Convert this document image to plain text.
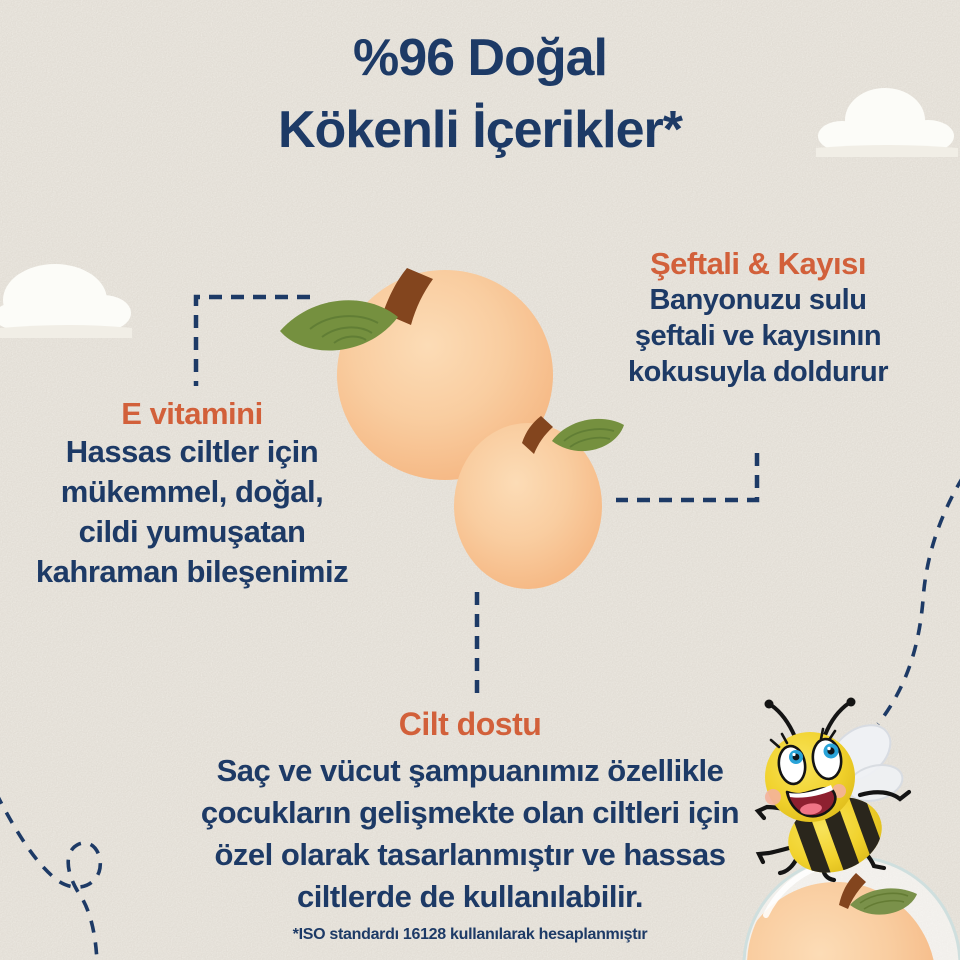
%96 Doğal
Kökenli İçerikler*
Şeftali & Kayısı
Banyonuzu sulu
şeftali ve kayısının
kokusuyla doldurur
E vitamini
Hassas ciltler için
mükemmel, doğal,
cildi yumuşatan
kahraman bileşenimiz
Cilt dostu
Saç ve vücut şampuanımız özellikle
çocukların gelişmekte olan ciltleri için
özel olarak tasarlanmıştır ve hassas
ciltlerde de kullanılabilir.
*ISO standardı 16128 kullanılarak hesaplanmıştır
